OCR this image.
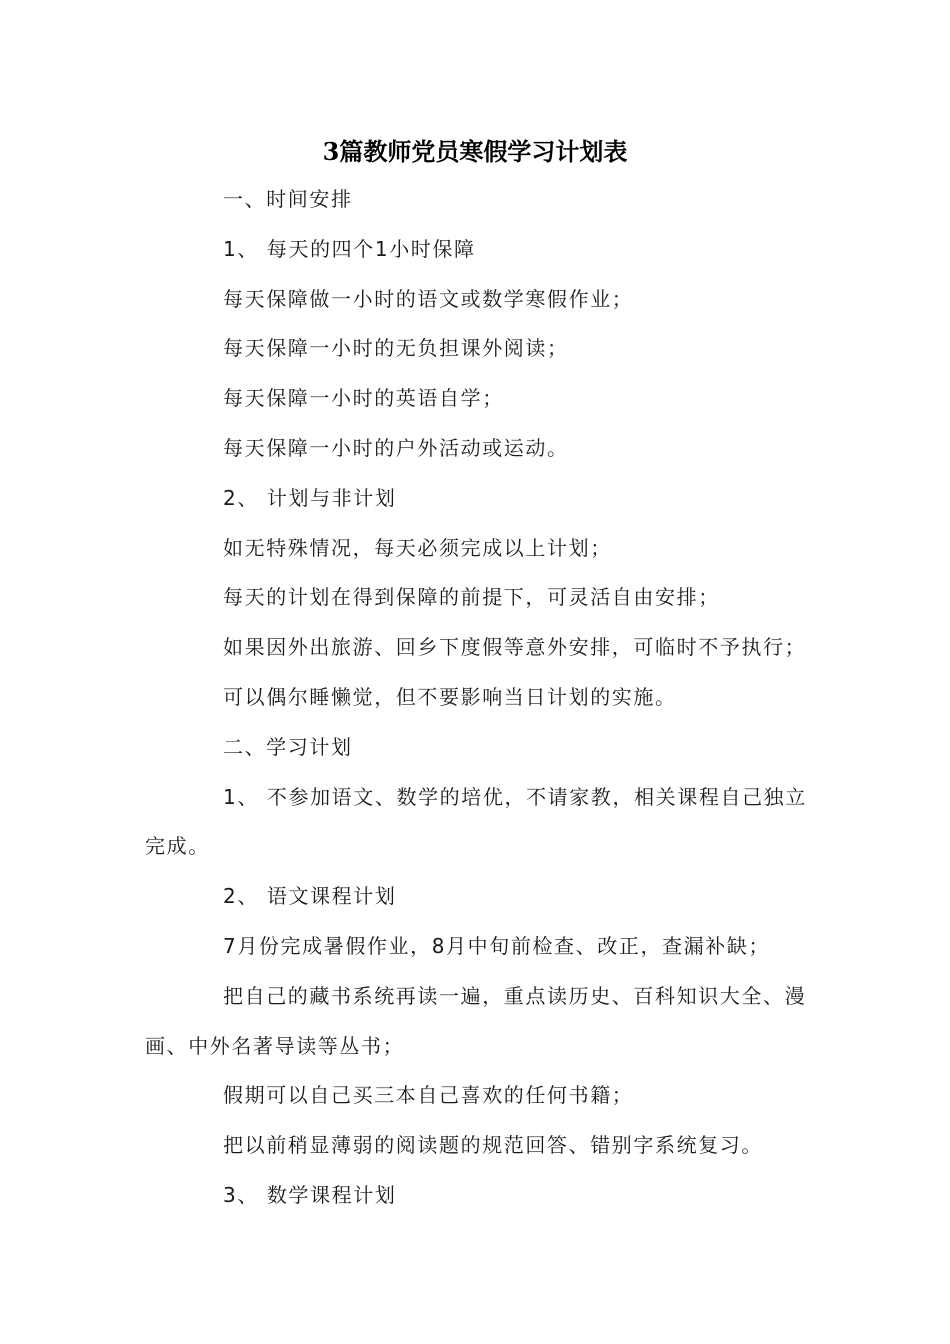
3篇教师党员寒假学习计划表

一、时间安排

1、 每天的四个1小时保障

每天保障做一小时的语文或数学寒假作业；

每天保障一小时的无负担课外阅读；

每天保障一小时的英语自学；

每天保障一小时的户外活动或运动。

2、 计划与非计划

如无特殊情况，每天必须完成以上计划；

每天的计划在得到保障的前提下，可灵活自由安排；

如果因外出旅游、回乡下度假等意外安排，可临时不予执行；

可以偶尔睡懒觉，但不要影响当日计划的实施。

二、学习计划

1、 不参加语文、数学的培优，不请家教，相关课程自己独立完成。

2、 语文课程计划

7月份完成暑假作业，8月中旬前检查、改正，查漏补缺；

把自己的藏书系统再读一遍，重点读历史、百科知识大全、漫画、中外名著导读等丛书；

假期可以自己买三本自己喜欢的任何书籍；

把以前稍显薄弱的阅读题的规范回答、错别字系统复习。

3、 数学课程计划
